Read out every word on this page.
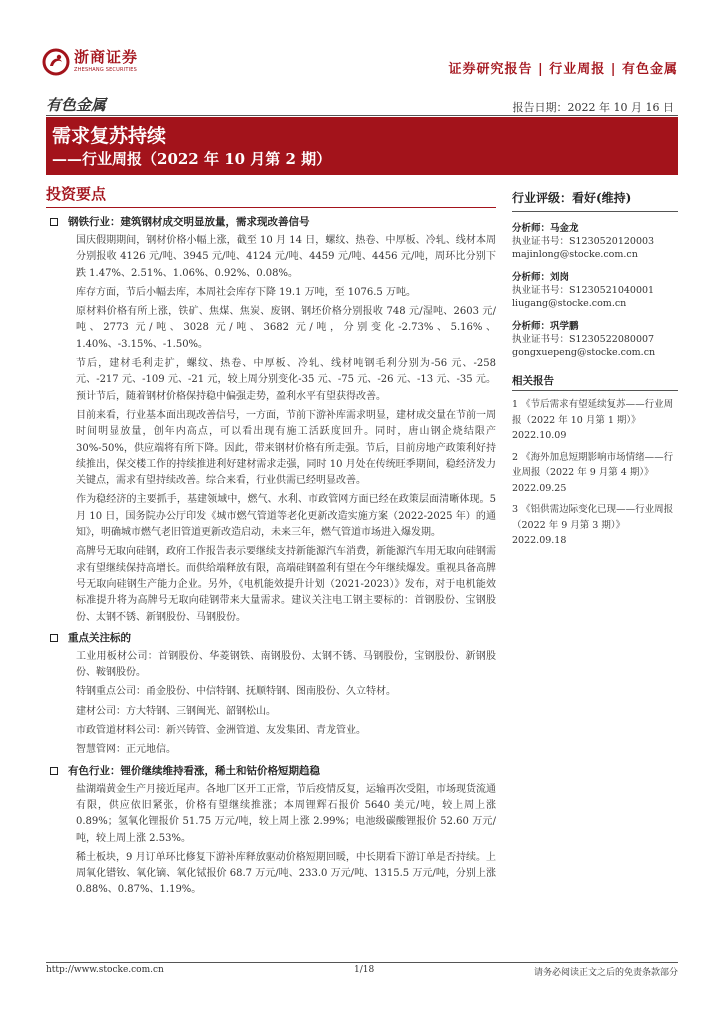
浙商证券
ZHESHANG SECURITIES	证券研究报告 | 行业周报 | 有色金属
有色金属	报告日期：2022 年 10 月 16 日
需求复苏持续
——行业周报（2022 年 10 月第 2 期）
投资要点
钢铁行业：建筑钢材成交明显放量，需求现改善信号
国庆假期期间，钢材价格小幅上涨，截至 10 月 14 日，螺纹、热卷、中厚板、冷轧、线材本周分别报收 4126 元/吨、3945 元/吨、4124 元/吨、4459 元/吨、4456 元/吨，周环比分别下跌 1.47%、2.51%、1.06%、0.92%、0.08%。
库存方面，节后小幅去库，本周社会库存下降 19.1 万吨，至 1076.5 万吨。
原材料价格有所上涨，铁矿、焦煤、焦炭、废钢、钢坯价格分别报收 748 元/湿吨、2603 元/吨、2773 元/吨、3028 元/吨、3682 元/吨，分别变化-2.73%、5.16%、1.40%、-3.15%、-1.50%。
节后，建材毛利走扩，螺纹、热卷、中厚板、冷轧、线材吨钢毛利分别为-56 元、-258 元、-217 元、-109 元、-21 元，较上周分别变化-35 元、-75 元、-26 元、-13 元、-35 元。预计节后，随着钢材价格保持稳中偏强走势，盈利水平有望获得改善。
目前来看，行业基本面出现改善信号，一方面，节前下游补库需求明显，建材成交量在节前一周时间明显放量，创年内高点，可以看出现有施工活跃度回升。同时，唐山钢企烧结限产 30%-50%，供应端将有所下降。因此，带来钢材价格有所走强。节后，目前房地产政策利好持续推出，保交楼工作的持续推进利好建材需求走强，同时 10 月处在传统旺季期间，稳经济发力关键点，需求有望持续改善。综合来看，行业供需已经明显改善。
作为稳经济的主要抓手，基建领域中，燃气、水利、市政管网方面已经在政策层面清晰体现。5 月 10 日，国务院办公厅印发《城市燃气管道等老化更新改造实施方案（2022-2025 年）的通知》，明确城市燃气老旧管道更新改造启动，未来三年，燃气管道市场进入爆发期。
高牌号无取向硅钢，政府工作报告表示要继续支持新能源汽车消费，新能源汽车用无取向硅钢需求有望继续保持高增长。而供给端释放有限，高端硅钢盈利有望在今年继续爆发。重视具备高牌号无取向硅钢生产能力企业。另外，《电机能效提升计划（2021-2023）》发布，对于电机能效标准提升将为高牌号无取向硅钢带来大量需求。建议关注电工钢主要标的：首钢股份、宝钢股份、太钢不锈、新钢股份、马钢股份。
重点关注标的
工业用板材公司：首钢股份、华菱钢铁、南钢股份、太钢不锈、马钢股份，宝钢股份、新钢股份、鞍钢股份。
特钢重点公司：甬金股份、中信特钢、抚顺特钢、图南股份、久立特材。
建材公司：方大特钢、三钢闽光、韶钢松山。
市政管道材料公司：新兴铸管、金洲管道、友发集团、青龙管业。
智慧管网：正元地信。
有色行业：锂价继续维持看涨，稀土和钴价格短期趋稳
盐湖端黄金生产月接近尾声。各地厂区开工正常，节后疫情反复，运输再次受阻，市场现货流通有限，供应依旧紧张，价格有望继续推涨；本周锂辉石报价 5640 美元/吨，较上周上涨 0.89%；氢氧化锂报价 51.75 万元/吨，较上周上涨 2.99%；电池级碳酸锂报价 52.60 万元/吨，较上周上涨 2.53%。
稀土板块，9 月订单环比修复下游补库释放驱动价格短期回暖，中长期看下游订单是否持续。上周氧化镨钕、氧化镝、氧化铽报价 68.7 万元/吨、233.0 万元/吨、1315.5 万元/吨，分别上涨 0.88%、0.87%、1.19%。
行业评级：看好(维持)
分析师：马金龙
执业证书号：S1230520120003
majinlong@stocke.com.cn
分析师：刘岗
执业证书号：S1230521040001
liugang@stocke.com.cn
分析师：巩学鹏
执业证书号：S1230522080007
gongxuepeng@stocke.com.cn
相关报告
1 《节后需求有望延续复苏——行业周报（2022 年 10 月第 1 期）》 2022.10.09
2 《海外加息短期影响市场情绪——行业周报（2022 年 9 月第 4 期）》 2022.09.25
3 《铝供需边际变化已现——行业周报（2022 年 9 月第 3 期）》 2022.09.18
http://www.stocke.com.cn	1/18	请务必阅读正文之后的免责条款部分
